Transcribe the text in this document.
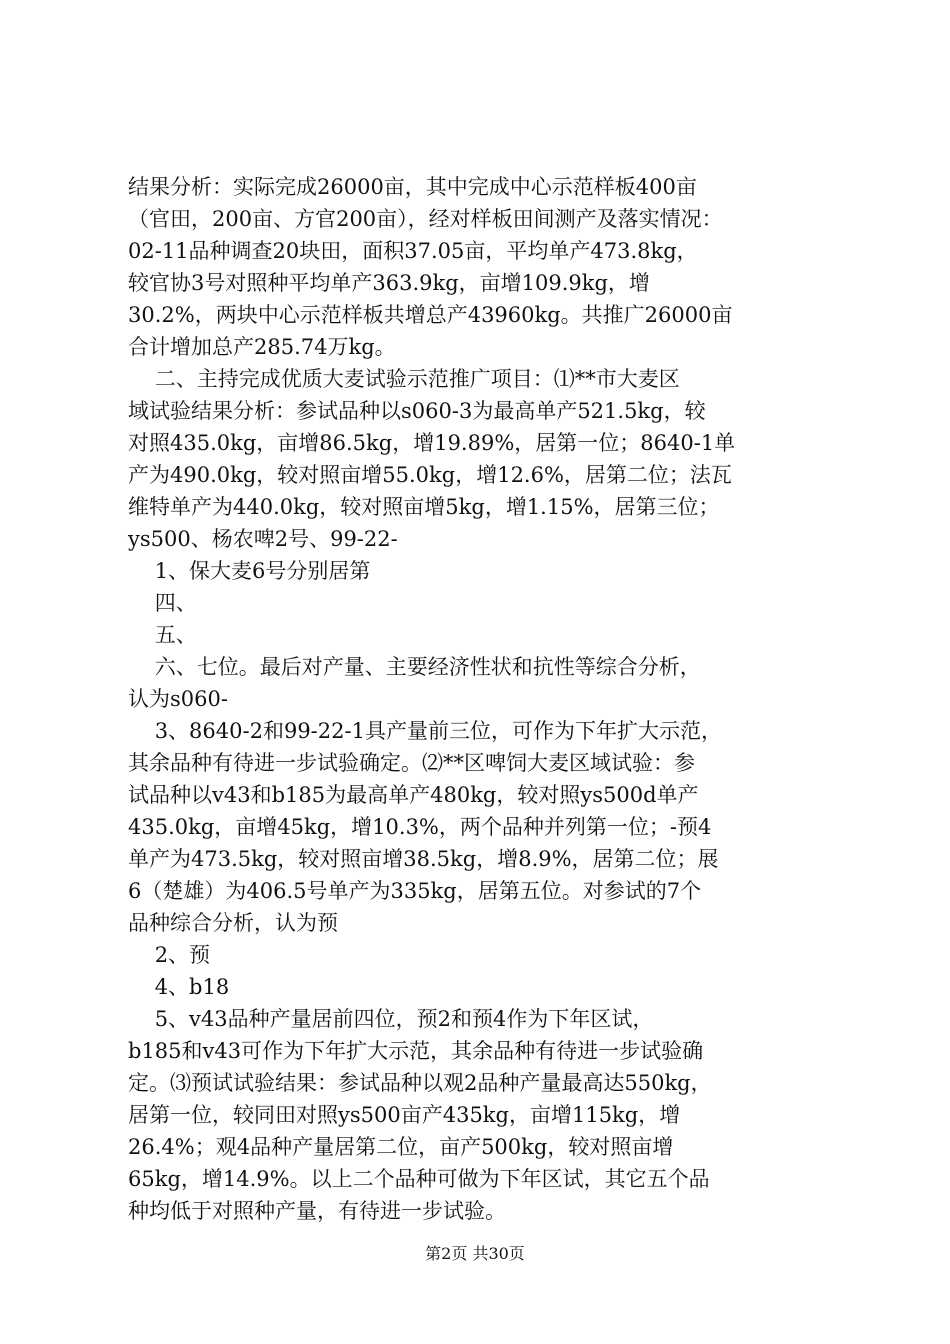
结果分析：实际完成26000亩，其中完成中心示范样板400亩
（官田，200亩、方官200亩），经对样板田间测产及落实情况：
02-11品种调查20块田，面积37.05亩，平均单产473.8kg，
较官协3号对照种平均单产363.9kg，亩增109.9kg，增
30.2%，两块中心示范样板共增总产43960kg。共推广26000亩
合计增加总产285.74万kg。
二、主持完成优质大麦试验示范推广项目：⑴**市大麦区
域试验结果分析：参试品种以s060-3为最高单产521.5kg，较
对照435.0kg，亩增86.5kg，增19.89%，居第一位；8640-1单
产为490.0kg，较对照亩增55.0kg，增12.6%，居第二位；法瓦
维特单产为440.0kg，较对照亩增5kg，增1.15%，居第三位；
ys500、杨农啤2号、99-22-
1、保大麦6号分别居第
四、
五、
六、七位。最后对产量、主要经济性状和抗性等综合分析，
认为s060-
3、8640-2和99-22-1具产量前三位，可作为下年扩大示范，
其余品种有待进一步试验确定。⑵**区啤饲大麦区域试验：参
试品种以v43和b185为最高单产480kg，较对照ys500d单产
435.0kg，亩增45kg，增10.3%，两个品种并列第一位；-预4
单产为473.5kg，较对照亩增38.5kg，增8.9%，居第二位；展
6（楚雄）为406.5号单产为335kg，居第五位。对参试的7个
品种综合分析，认为预
2、预
4、b18
5、v43品种产量居前四位，预2和预4作为下年区试，
b185和v43可作为下年扩大示范，其余品种有待进一步试验确
定。⑶预试试验结果：参试品种以观2品种产量最高达550kg，
居第一位，较同田对照ys500亩产435kg，亩增115kg，增
26.4%；观4品种产量居第二位，亩产500kg，较对照亩增
65kg，增14.9%。以上二个品种可做为下年区试，其它五个品
种均低于对照种产量，有待进一步试验。
第2页 共30页
